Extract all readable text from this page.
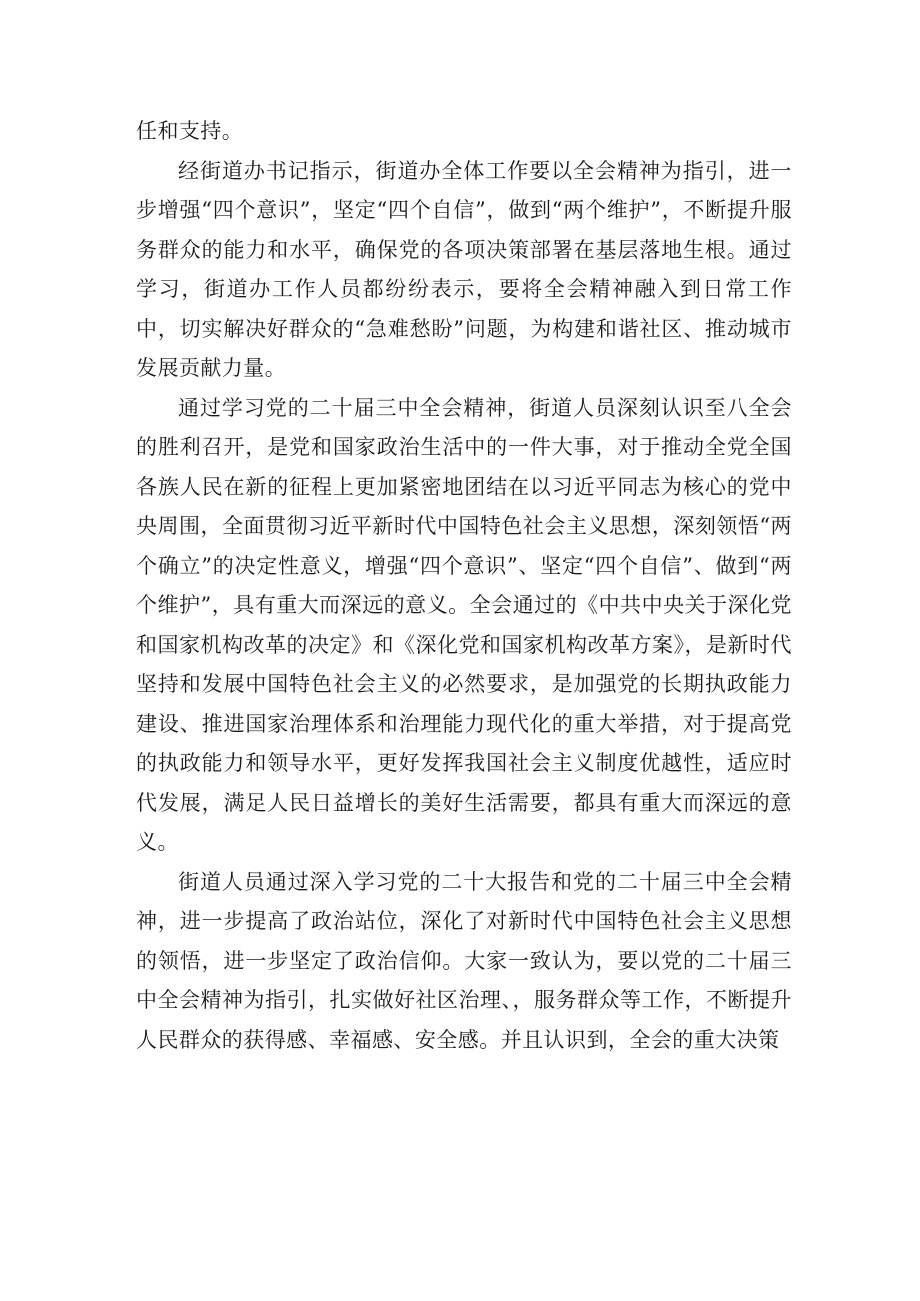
任和支持。

经街道办书记指示，街道办全体工作要以全会精神为指引，进一步增强“四个意识”，坚定“四个自信”，做到“两个维护”，不断提升服务群众的能力和水平，确保党的各项决策部署在基层落地生根。通过学习，街道办工作人员都纷纷表示，要将全会精神融入到日常工作中，切实解决好群众的“急难愁盼”问题，为构建和谐社区、推动城市发展贡献力量。

通过学习党的二十届三中全会精神，街道人员深刻认识至八全会的胜利召开，是党和国家政治生活中的一件大事，对于推动全党全国各族人民在新的征程上更加紧密地团结在以习近平同志为核心的党中央周围，全面贯彻习近平新时代中国特色社会主义思想，深刻领悟“两个确立”的决定性意义，增强“四个意识”、坚定“四个自信”、做到“两个维护”，具有重大而深远的意义。全会通过的《中共中央关于深化党和国家机构改革的决定》和《深化党和国家机构改革方案》，是新时代坚持和发展中国特色社会主义的必然要求，是加强党的长期执政能力建设、推进国家治理体系和治理能力现代化的重大举措，对于提高党的执政能力和领导水平，更好发挥我国社会主义制度优越性，适应时代发展，满足人民日益增长的美好生活需要，都具有重大而深远的意义。

街道人员通过深入学习党的二十大报告和党的二十届三中全会精神，进一步提高了政治站位，深化了对新时代中国特色社会主义思想的领悟，进一步坚定了政治信仰。大家一致认为，要以党的二十届三中全会精神为指引，扎实做好社区治理、，服务群众等工作，不断提升人民群众的获得感、幸福感、安全感。并且认识到，全会的重大决策
